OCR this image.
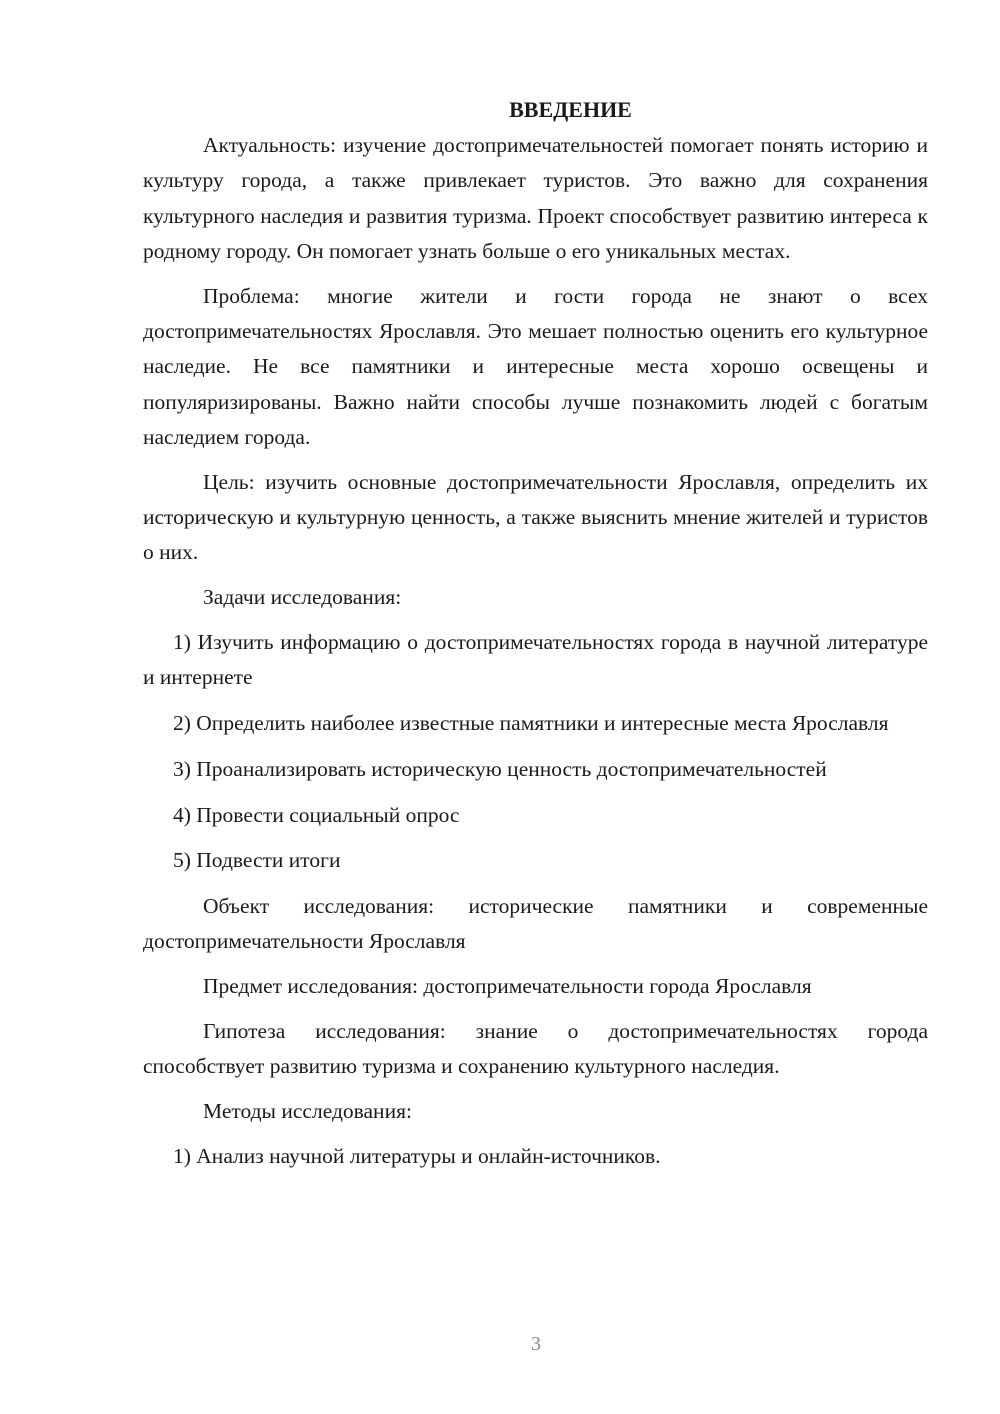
ВВЕДЕНИЕ

Актуальность: изучение достопримечательностей помогает понять историю и культуру города, а также привлекает туристов. Это важно для сохранения культурного наследия и развития туризма. Проект способствует развитию интереса к родному городу. Он помогает узнать больше о его уникальных местах.

Проблема: многие жители и гости города не знают о всех достопримечательностях Ярославля. Это мешает полностью оценить его культурное наследие. Не все памятники и интересные места хорошо освещены и популяризированы. Важно найти способы лучше познакомить людей с богатым наследием города.

Цель: изучить основные достопримечательности Ярославля, определить их историческую и культурную ценность, а также выяснить мнение жителей и туристов о них.

Задачи исследования:

1) Изучить информацию о достопримечательностях города в научной литературе и интернете

2) Определить наиболее известные памятники и интересные места Ярославля

3) Проанализировать историческую ценность достопримечательностей

4) Провести социальный опрос

5) Подвести итоги

Объект исследования: исторические памятники и современные достопримечательности Ярославля

Предмет исследования: достопримечательности города Ярославля

Гипотеза исследования: знание о достопримечательностях города способствует развитию туризма и сохранению культурного наследия.

Методы исследования:

1) Анализ научной литературы и онлайн-источников.

3
